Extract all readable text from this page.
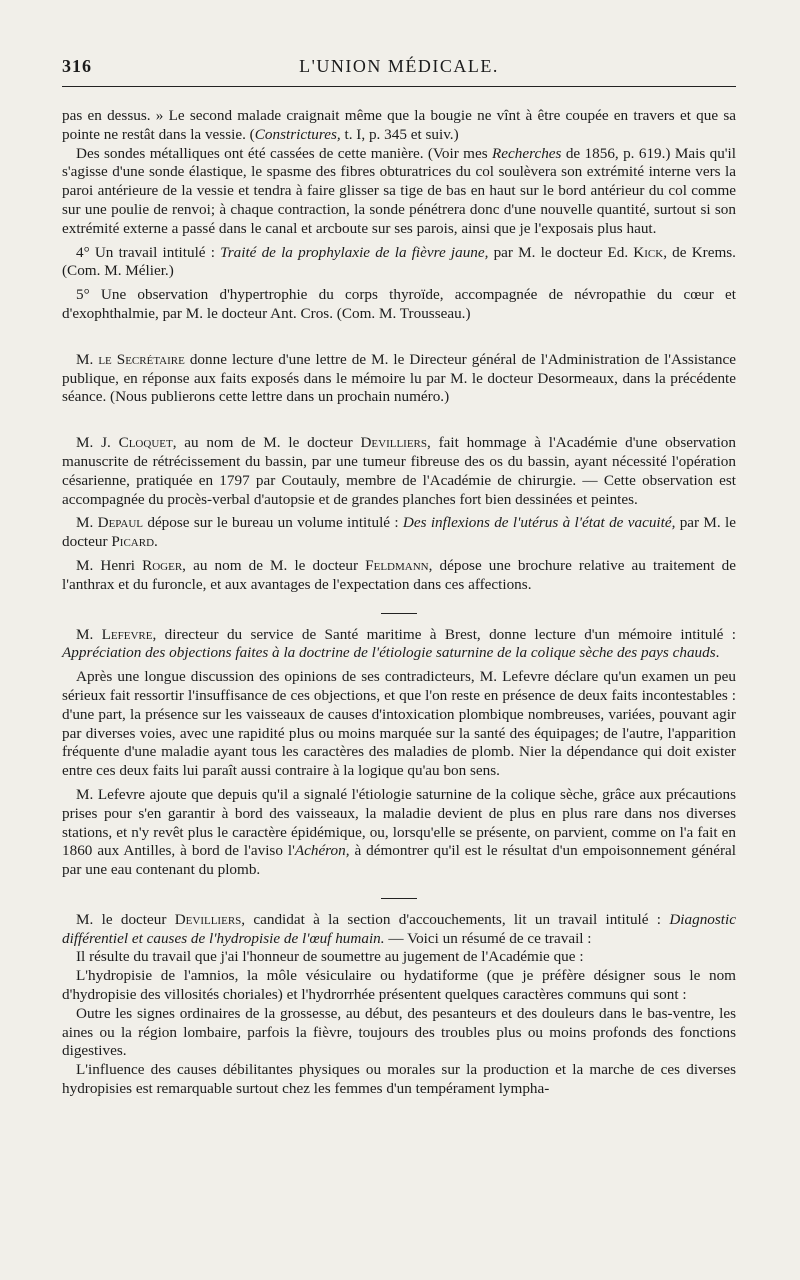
316	L'UNION MÉDICALE.

pas en dessus. » Le second malade craignait même que la bougie ne vînt à être coupée en travers et que sa pointe ne restât dans la vessie. (Constrictures, t. I, p. 345 et suiv.)

Des sondes métalliques ont été cassées de cette manière. (Voir mes Recherches de 1856, p. 619.) Mais qu'il s'agisse d'une sonde élastique, le spasme des fibres obturatrices du col soulèvera son extrémité interne vers la paroi antérieure de la vessie et tendra à faire glisser sa tige de bas en haut sur le bord antérieur du col comme sur une poulie de renvoi; à chaque contraction, la sonde pénétrera donc d'une nouvelle quantité, surtout si son extrémité externe a passé dans le canal et arcboute sur ses parois, ainsi que je l'exposais plus haut.

4° Un travail intitulé : Traité de la prophylaxie de la fièvre jaune, par M. le docteur Ed. Kick, de Krems. (Com. M. Mélier.)

5° Une observation d'hypertrophie du corps thyroïde, accompagnée de névropathie du cœur et d'exophthalmie, par M. le docteur Ant. Cros. (Com. M. Trousseau.)

M. le Secrétaire donne lecture d'une lettre de M. le Directeur général de l'Administration de l'Assistance publique, en réponse aux faits exposés dans le mémoire lu par M. le docteur Desormeaux, dans la précédente séance. (Nous publierons cette lettre dans un prochain numéro.)

M. J. Cloquet, au nom de M. le docteur Devilliers, fait hommage à l'Académie d'une observation manuscrite de rétrécissement du bassin, par une tumeur fibreuse des os du bassin, ayant nécessité l'opération césarienne, pratiquée en 1797 par Coutauly, membre de l'Académie de chirurgie. — Cette observation est accompagnée du procès-verbal d'autopsie et de grandes planches fort bien dessinées et peintes.

M. Depaul dépose sur le bureau un volume intitulé : Des inflexions de l'utérus à l'état de vacuité, par M. le docteur Picard.

M. Henri Roger, au nom de M. le docteur Feldmann, dépose une brochure relative au traitement de l'anthrax et du furoncle, et aux avantages de l'expectation dans ces affections.

M. Lefevre, directeur du service de Santé maritime à Brest, donne lecture d'un mémoire intitulé : Appréciation des objections faites à la doctrine de l'étiologie saturnine de la colique sèche des pays chauds.

Après une longue discussion des opinions de ses contradicteurs, M. Lefevre déclare qu'un examen un peu sérieux fait ressortir l'insuffisance de ces objections, et que l'on reste en présence de deux faits incontestables : d'une part, la présence sur les vaisseaux de causes d'intoxication plombique nombreuses, variées, pouvant agir par diverses voies, avec une rapidité plus ou moins marquée sur la santé des équipages; de l'autre, l'apparition fréquente d'une maladie ayant tous les caractères des maladies de plomb. Nier la dépendance qui doit exister entre ces deux faits lui paraît aussi contraire à la logique qu'au bon sens.

M. Lefevre ajoute que depuis qu'il a signalé l'étiologie saturnine de la colique sèche, grâce aux précautions prises pour s'en garantir à bord des vaisseaux, la maladie devient de plus en plus rare dans nos diverses stations, et n'y revêt plus le caractère épidémique, ou, lorsqu'elle se présente, on parvient, comme on l'a fait en 1860 aux Antilles, à bord de l'aviso l'Achéron, à démontrer qu'il est le résultat d'un empoisonnement général par une eau contenant du plomb.

M. le docteur Devilliers, candidat à la section d'accouchements, lit un travail intitulé : Diagnostic différentiel et causes de l'hydropisie de l'œuf humain. — Voici un résumé de ce travail :

Il résulte du travail que j'ai l'honneur de soumettre au jugement de l'Académie que :

L'hydropisie de l'amnios, la môle vésiculaire ou hydatiforme (que je préfère désigner sous le nom d'hydropisie des villosités choriales) et l'hydrorrhée présentent quelques caractères communs qui sont :

Outre les signes ordinaires de la grossesse, au début, des pesanteurs et des douleurs dans le bas-ventre, les aines ou la région lombaire, parfois la fièvre, toujours des troubles plus ou moins profonds des fonctions digestives.

L'influence des causes débilitantes physiques ou morales sur la production et la marche de ces diverses hydropisies est remarquable surtout chez les femmes d'un tempérament lympha-
